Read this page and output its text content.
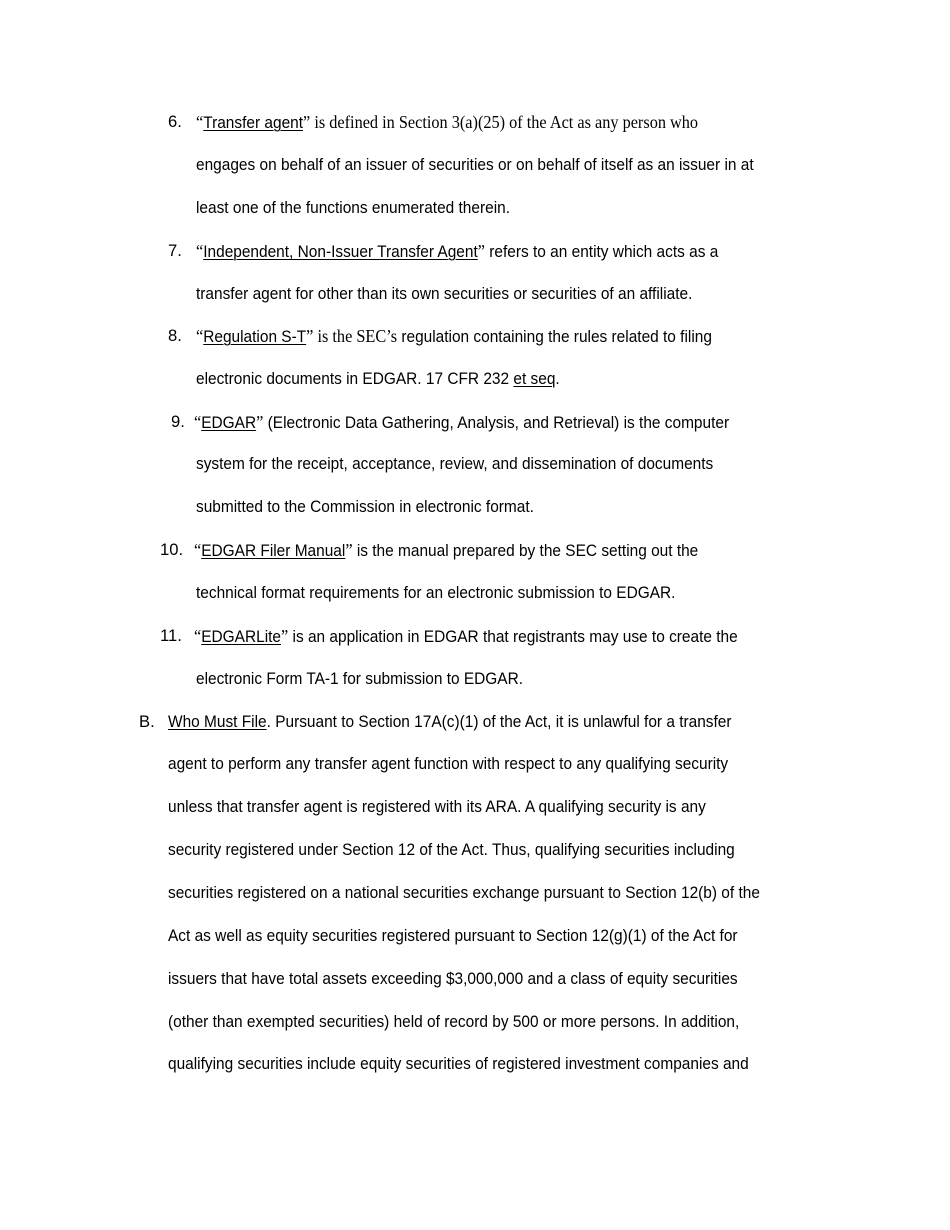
6. “Transfer agent” is defined in Section 3(a)(25) of the Act as any person who
engages on behalf of an issuer of securities or on behalf of itself as an issuer in at
least one of the functions enumerated therein.
7. “Independent, Non-Issuer Transfer Agent” refers to an entity which acts as a
transfer agent for other than its own securities or securities of an affiliate.
8. “Regulation S-T” is the SEC’s regulation containing the rules related to filing
electronic documents in EDGAR. 17 CFR 232 et seq.
9. “EDGAR” (Electronic Data Gathering, Analysis, and Retrieval) is the computer
system for the receipt, acceptance, review, and dissemination of documents
submitted to the Commission in electronic format.
10. “EDGAR Filer Manual” is the manual prepared by the SEC setting out the
technical format requirements for an electronic submission to EDGAR.
11. “EDGARLite” is an application in EDGAR that registrants may use to create the
electronic Form TA-1 for submission to EDGAR.
B. Who Must File. Pursuant to Section 17A(c)(1) of the Act, it is unlawful for a transfer
agent to perform any transfer agent function with respect to any qualifying security
unless that transfer agent is registered with its ARA. A qualifying security is any
security registered under Section 12 of the Act. Thus, qualifying securities including
securities registered on a national securities exchange pursuant to Section 12(b) of the
Act as well as equity securities registered pursuant to Section 12(g)(1) of the Act for
issuers that have total assets exceeding $3,000,000 and a class of equity securities
(other than exempted securities) held of record by 500 or more persons. In addition,
qualifying securities include equity securities of registered investment companies and
